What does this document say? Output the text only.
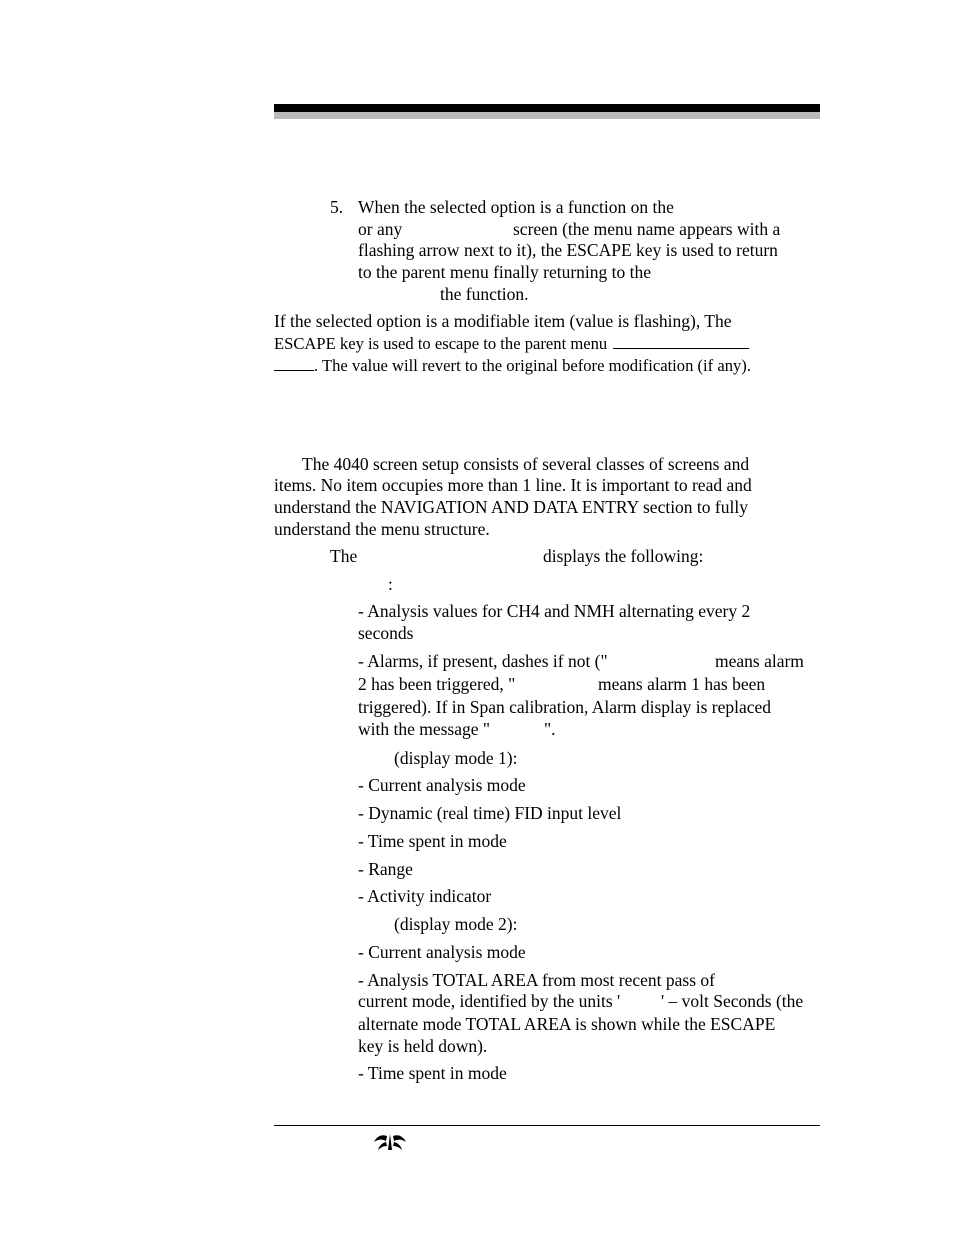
5. When the selected option is a function on the
or any	screen (the menu name appears with a
flashing arrow next to it), the ESCAPE key is used to return
to the parent menu finally returning to the
the function.
If the selected option is a modifiable item (value is flashing), The
ESCAPE key is used to escape to the parent menu
. The value will revert to the original before modification (if any).
The 4040 screen setup consists of several classes of screens and
items. No item occupies more than 1 line. It is important to read and
understand the NAVIGATION AND DATA ENTRY section to fully
understand the menu structure.
The	displays the following:
:
- Analysis values for CH4 and NMH alternating every 2
seconds
- Alarms, if present, dashes if not ("	means alarm
2 has been triggered, "	means alarm 1 has been
triggered). If in Span calibration, Alarm display is replaced
with the message "	".
(display mode 1):
- Current analysis mode
- Dynamic (real time) FID input level
- Time spent in mode
- Range
- Activity indicator
(display mode 2):
- Current analysis mode
- Analysis TOTAL AREA from most recent pass of
current mode, identified by the units ' ' – volt Seconds (the
alternate mode TOTAL AREA is shown while the ESCAPE
key is held down).
- Time spent in mode
